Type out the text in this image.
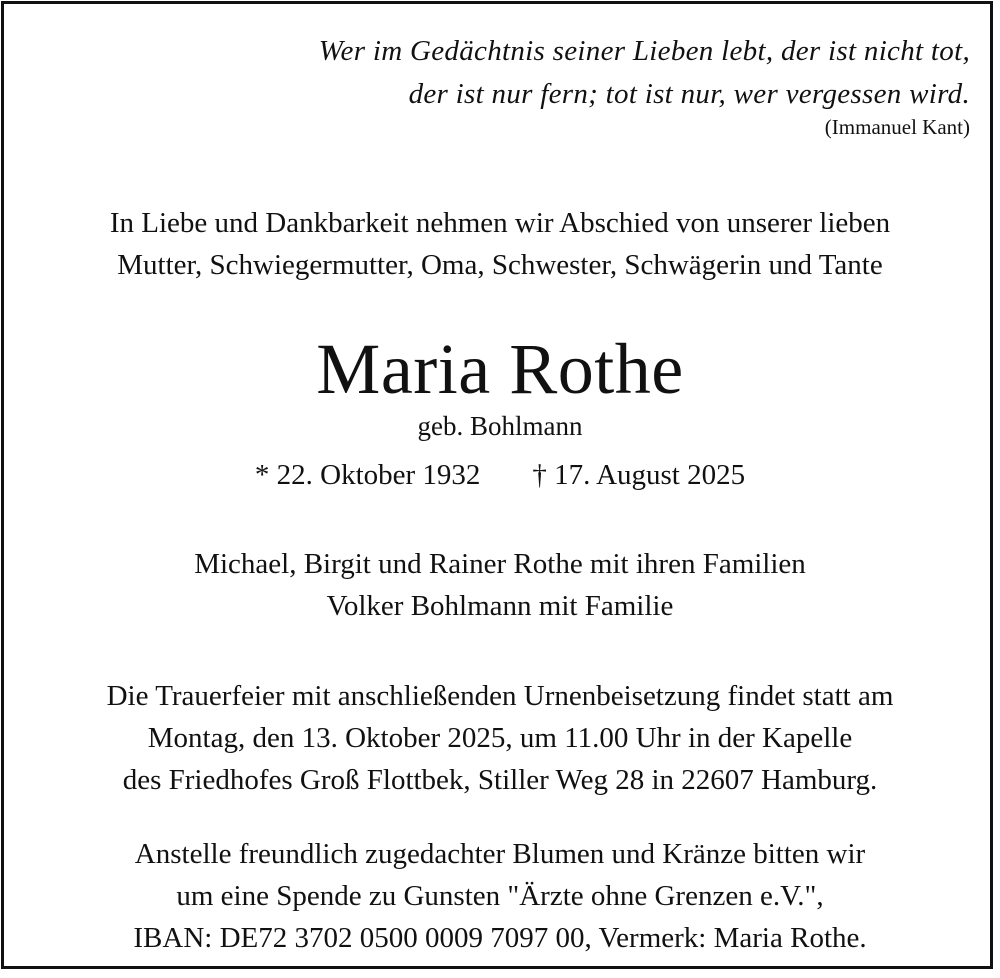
Wer im Gedächtnis seiner Lieben lebt, der ist nicht tot,
der ist nur fern; tot ist nur, wer vergessen wird.
(Immanuel Kant)
In Liebe und Dankbarkeit nehmen wir Abschied von unserer lieben
Mutter, Schwiegermutter, Oma, Schwester, Schwägerin und Tante
Maria Rothe
geb. Bohlmann
* 22. Oktober 1932 † 17. August 2025
Michael, Birgit und Rainer Rothe mit ihren Familien
Volker Bohlmann mit Familie
Die Trauerfeier mit anschließenden Urnenbeisetzung findet statt am
Montag, den 13. Oktober 2025, um 11.00 Uhr in der Kapelle
des Friedhofes Groß Flottbek, Stiller Weg 28 in 22607 Hamburg.
Anstelle freundlich zugedachter Blumen und Kränze bitten wir
um eine Spende zu Gunsten "Ärzte ohne Grenzen e.V.",
IBAN: DE72 3702 0500 0009 7097 00, Vermerk: Maria Rothe.
